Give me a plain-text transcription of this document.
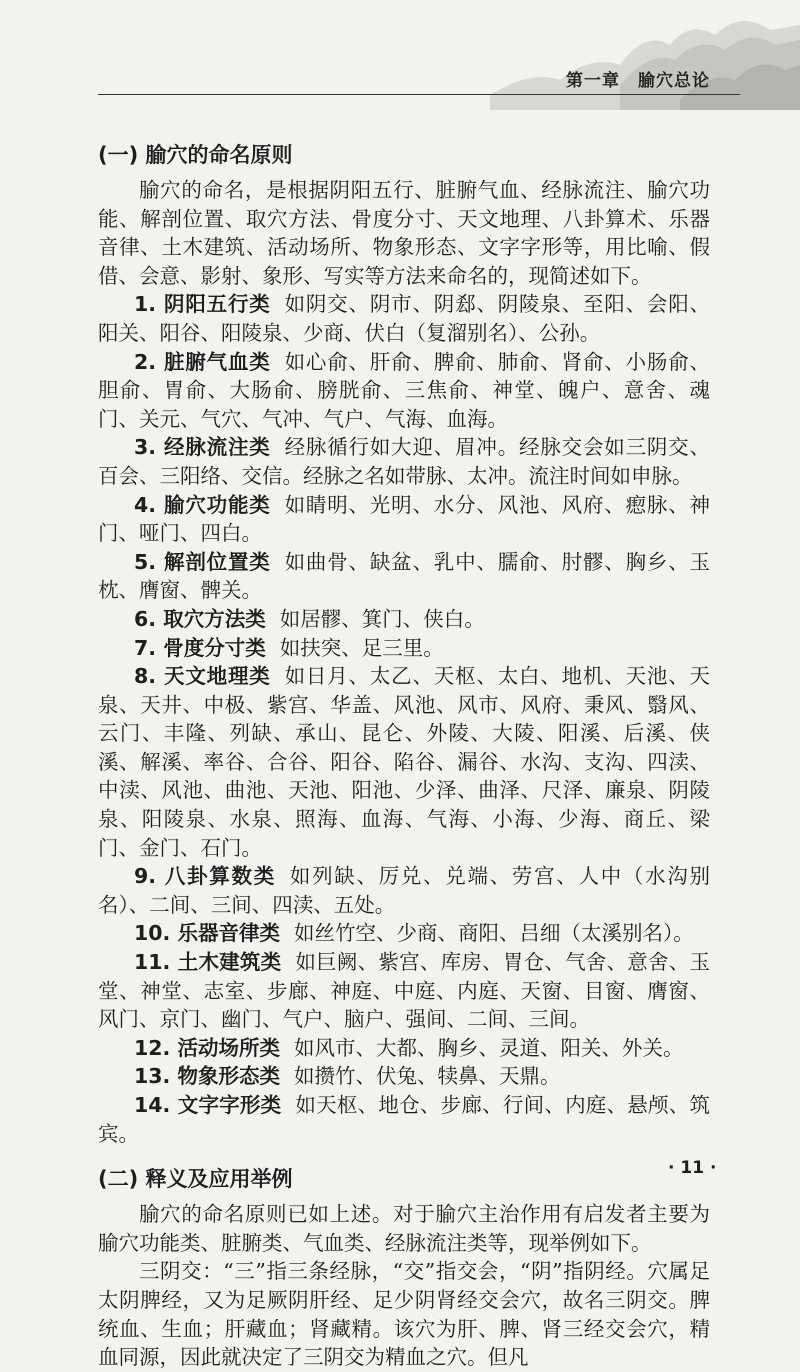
第一章　腧穴总论
(一) 腧穴的命名原则

腧穴的命名，是根据阴阳五行、脏腑气血、经脉流注、腧穴功能、解剖位置、取穴方法、骨度分寸、天文地理、八卦算术、乐器音律、土木建筑、活动场所、物象形态、文字字形等，用比喻、假借、会意、影射、象形、写实等方法来命名的，现简述如下。

1. 阴阳五行类 如阴交、阴市、阴郄、阴陵泉、至阳、会阳、阳关、阳谷、阳陵泉、少商、伏白（复溜别名）、公孙。

2. 脏腑气血类 如心俞、肝俞、脾俞、肺俞、肾俞、小肠俞、胆俞、胃俞、大肠俞、膀胱俞、三焦俞、神堂、魄户、意舍、魂门、关元、气穴、气冲、气户、气海、血海。

3. 经脉流注类 经脉循行如大迎、眉冲。经脉交会如三阴交、百会、三阳络、交信。经脉之名如带脉、太冲。流注时间如申脉。

4. 腧穴功能类 如睛明、光明、水分、风池、风府、瘛脉、神门、哑门、四白。

5. 解剖位置类 如曲骨、缺盆、乳中、臑俞、肘髎、胸乡、玉枕、膺窗、髀关。

6. 取穴方法类 如居髎、箕门、侠白。

7. 骨度分寸类 如扶突、足三里。

8. 天文地理类 如日月、太乙、天枢、太白、地机、天池、天泉、天井、中极、紫宫、华盖、风池、风市、风府、秉风、翳风、云门、丰隆、列缺、承山、昆仑、外陵、大陵、阳溪、后溪、侠溪、解溪、率谷、合谷、阳谷、陷谷、漏谷、水沟、支沟、四渎、中渎、风池、曲池、天池、阳池、少泽、曲泽、尺泽、廉泉、阴陵泉、阳陵泉、水泉、照海、血海、气海、小海、少海、商丘、梁门、金门、石门。

9. 八卦算数类 如列缺、厉兑、兑端、劳宫、人中（水沟别名）、二间、三间、四渎、五处。

10. 乐器音律类 如丝竹空、少商、商阳、吕细（太溪别名）。

11. 土木建筑类 如巨阙、紫宫、库房、胃仓、气舍、意舍、玉堂、神堂、志室、步廊、神庭、中庭、内庭、天窗、目窗、膺窗、风门、京门、幽门、气户、脑户、强间、二间、三间。

12. 活动场所类 如风市、大都、胸乡、灵道、阳关、外关。

13. 物象形态类 如攒竹、伏兔、犊鼻、天鼎。

14. 文字字形类 如天枢、地仓、步廊、行间、内庭、悬颅、筑宾。

(二) 释义及应用举例

腧穴的命名原则已如上述。对于腧穴主治作用有启发者主要为腧穴功能类、脏腑类、气血类、经脉流注类等，现举例如下。

三阴交：“三”指三条经脉，“交”指交会，“阴”指阴经。穴属足太阴脾经，又为足厥阴肝经、足少阴肾经交会穴，故名三阴交。脾统血、生血；肝藏血；肾藏精。该穴为肝、脾、肾三经交会穴，精血同源，因此就决定了三阴交为精血之穴。但凡

· 11 ·
